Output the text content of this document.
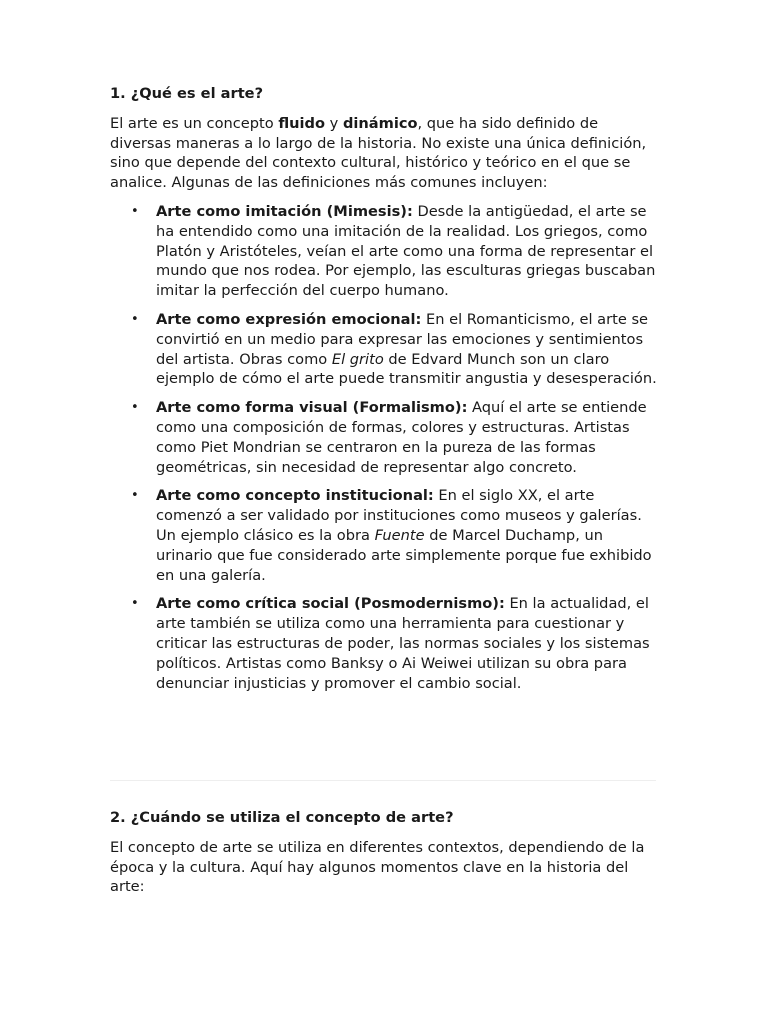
1. ¿Qué es el arte?

El arte es un concepto fluido y dinámico, que ha sido definido de diversas maneras a lo largo de la historia. No existe una única definición, sino que depende del contexto cultural, histórico y teórico en el que se analice. Algunas de las definiciones más comunes incluyen:

• Arte como imitación (Mimesis): Desde la antigüedad, el arte se ha entendido como una imitación de la realidad. Los griegos, como Platón y Aristóteles, veían el arte como una forma de representar el mundo que nos rodea. Por ejemplo, las esculturas griegas buscaban imitar la perfección del cuerpo humano.
• Arte como expresión emocional: En el Romanticismo, el arte se convirtió en un medio para expresar las emociones y sentimientos del artista. Obras como El grito de Edvard Munch son un claro ejemplo de cómo el arte puede transmitir angustia y desesperación.
• Arte como forma visual (Formalismo): Aquí el arte se entiende como una composición de formas, colores y estructuras. Artistas como Piet Mondrian se centraron en la pureza de las formas geométricas, sin necesidad de representar algo concreto.
• Arte como concepto institucional: En el siglo XX, el arte comenzó a ser validado por instituciones como museos y galerías. Un ejemplo clásico es la obra Fuente de Marcel Duchamp, un urinario que fue considerado arte simplemente porque fue exhibido en una galería.
• Arte como crítica social (Posmodernismo): En la actualidad, el arte también se utiliza como una herramienta para cuestionar y criticar las estructuras de poder, las normas sociales y los sistemas políticos. Artistas como Banksy o Ai Weiwei utilizan su obra para denunciar injusticias y promover el cambio social.
2. ¿Cuándo se utiliza el concepto de arte?

El concepto de arte se utiliza en diferentes contextos, dependiendo de la época y la cultura. Aquí hay algunos momentos clave en la historia del arte:
